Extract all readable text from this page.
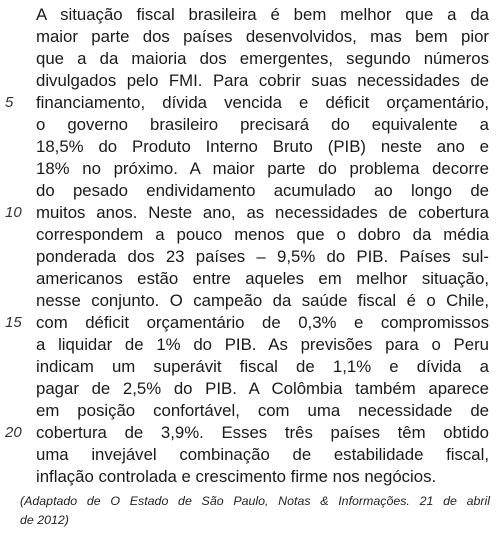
A situação fiscal brasileira é bem melhor que a da
maior parte dos países desenvolvidos, mas bem pior
que a da maioria dos emergentes, segundo números
divulgados pelo FMI. Para cobrir suas necessidades de
5	financiamento, dívida vencida e déficit orçamentário,
o governo brasileiro precisará do equivalente a
18,5% do Produto Interno Bruto (PIB) neste ano e
18% no próximo. A maior parte do problema decorre
do pesado endividamento acumulado ao longo de
10 muitos anos. Neste ano, as necessidades de cobertura
correspondem a pouco menos que o dobro da média
ponderada dos 23 países – 9,5% do PIB. Países sul-
americanos estão entre aqueles em melhor situação,
nesse conjunto. O campeão da saúde fiscal é o Chile,
15 com déficit orçamentário de 0,3% e compromissos
a liquidar de 1% do PIB. As previsões para o Peru
indicam um superávit fiscal de 1,1% e dívida a
pagar de 2,5% do PIB. A Colômbia também aparece
em posição confortável, com uma necessidade de
20 cobertura de 3,9%. Esses três países têm obtido
uma invejável combinação de estabilidade fiscal,
inflação controlada e crescimento firme nos negócios.
(Adaptado de O Estado de São Paulo, Notas & Informações. 21 de abril
de 2012)
